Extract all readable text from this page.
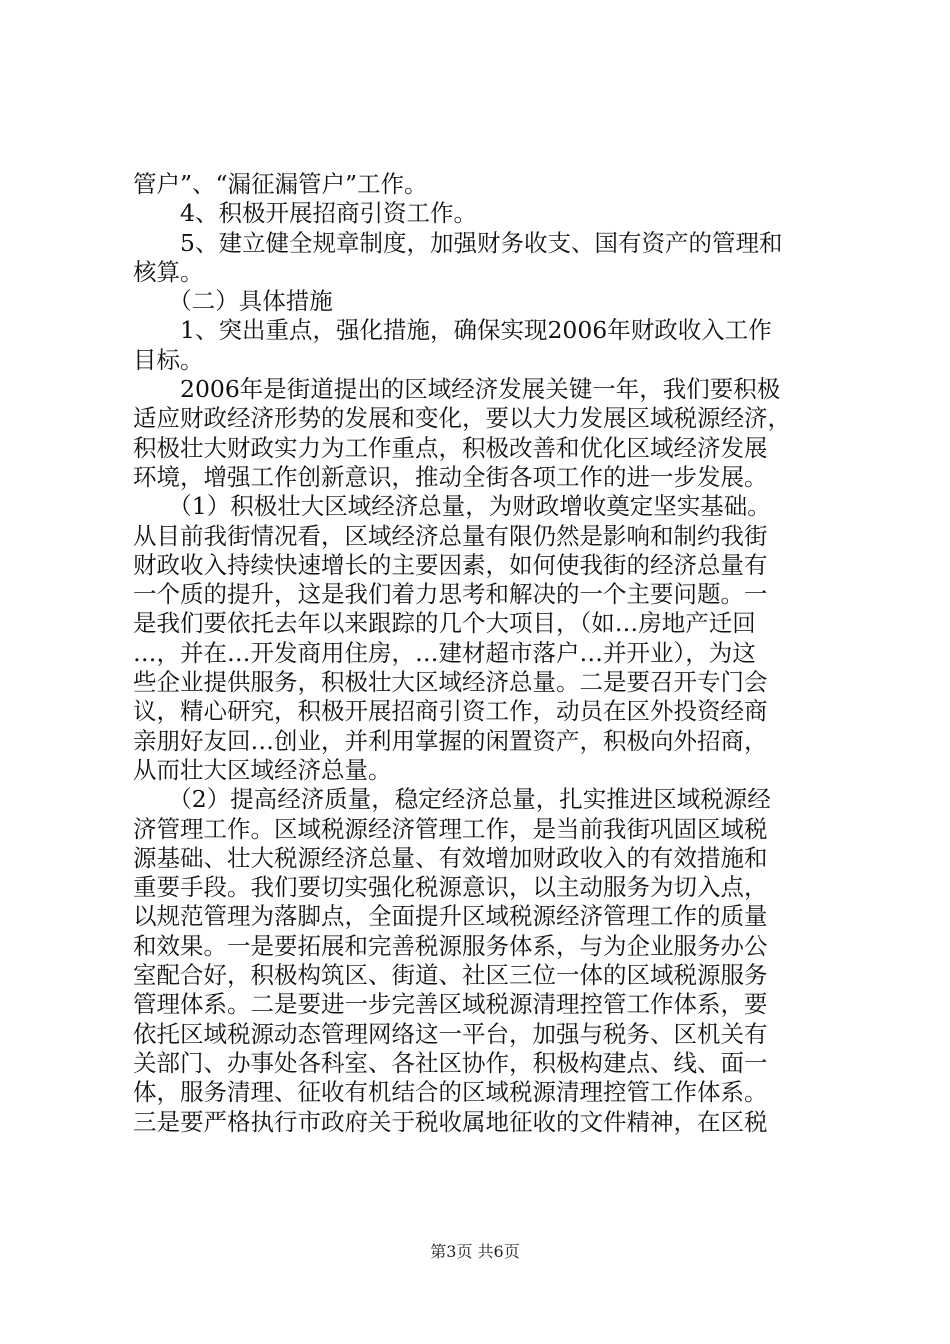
管户”、“漏征漏管户”工作。
　　4、积极开展招商引资工作。
　　5、建立健全规章制度，加强财务收支、国有资产的管理和
核算。
　　（二）具体措施
　　1、突出重点，强化措施，确保实现2006年财政收入工作
目标。
　　2006年是街道提出的区域经济发展关键一年，我们要积极
适应财政经济形势的发展和变化，要以大力发展区域税源经济，
积极壮大财政实力为工作重点，积极改善和优化区域经济发展
环境，增强工作创新意识，推动全街各项工作的进一步发展。
　　（1）积极壮大区域经济总量，为财政增收奠定坚实基础。
从目前我街情况看，区域经济总量有限仍然是影响和制约我街
财政收入持续快速增长的主要因素，如何使我街的经济总量有
一个质的提升，这是我们着力思考和解决的一个主要问题。一
是我们要依托去年以来跟踪的几个大项目，（如…房地产迁回
…，并在…开发商用住房，…建材超市落户…并开业），为这
些企业提供服务，积极壮大区域经济总量。二是要召开专门会
议，精心研究，积极开展招商引资工作，动员在区外投资经商
亲朋好友回…创业，并利用掌握的闲置资产，积极向外招商，
从而壮大区域经济总量。
　　（2）提高经济质量，稳定经济总量，扎实推进区域税源经
济管理工作。区域税源经济管理工作，是当前我街巩固区域税
源基础、壮大税源经济总量、有效增加财政收入的有效措施和
重要手段。我们要切实强化税源意识，以主动服务为切入点，
以规范管理为落脚点，全面提升区域税源经济管理工作的质量
和效果。一是要拓展和完善税源服务体系，与为企业服务办公
室配合好，积极构筑区、街道、社区三位一体的区域税源服务
管理体系。二是要进一步完善区域税源清理控管工作体系，要
依托区域税源动态管理网络这一平台，加强与税务、区机关有
关部门、办事处各科室、各社区协作，积极构建点、线、面一
体，服务清理、征收有机结合的区域税源清理控管工作体系。
三是要严格执行市政府关于税收属地征收的文件精神，在区税
第3页 共6页
